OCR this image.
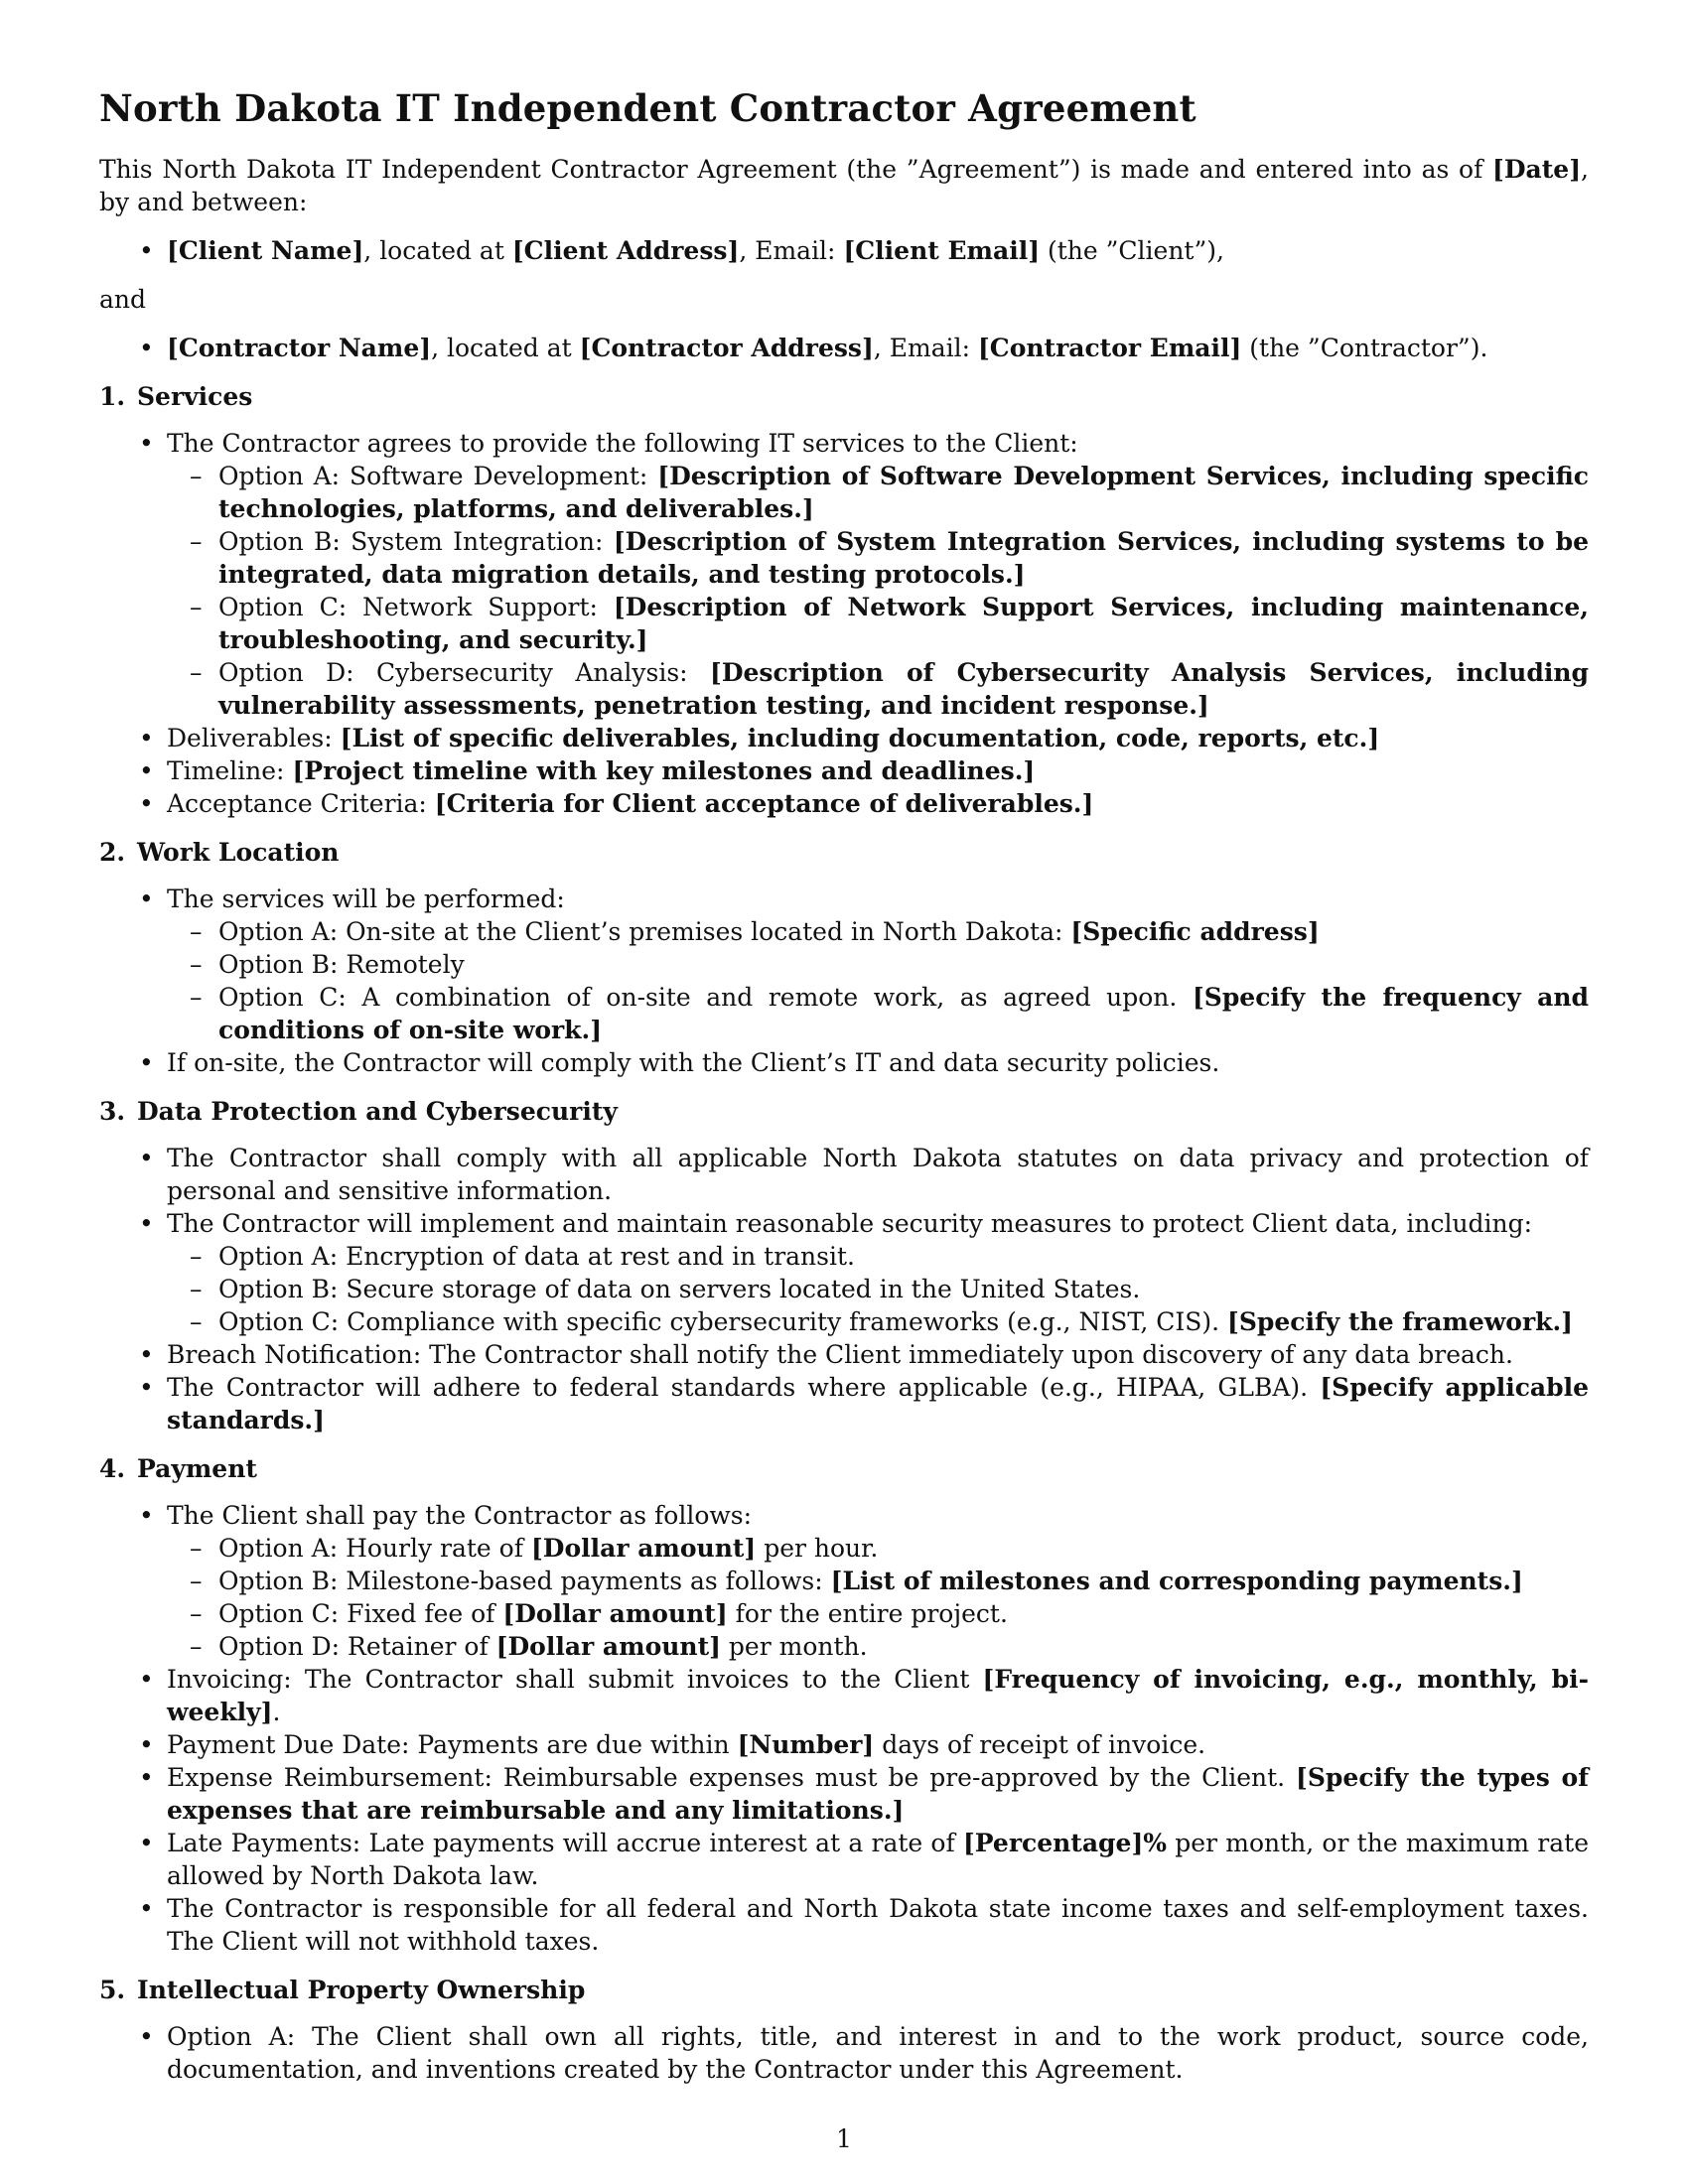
North Dakota IT Independent Contractor Agreement

This North Dakota IT Independent Contractor Agreement (the ”Agreement”) is made and entered into as of [Date], by and between:

• [Client Name], located at [Client Address], Email: [Client Email] (the ”Client”),

and

• [Contractor Name], located at [Contractor Address], Email: [Contractor Email] (the ”Contractor”).
1. Services
• The Contractor agrees to provide the following IT services to the Client:
– Option A: Software Development: [Description of Software Development Services, including specific technologies, platforms, and deliverables.]
– Option B: System Integration: [Description of System Integration Services, including systems to be integrated, data migration details, and testing protocols.]
– Option C: Network Support: [Description of Network Support Services, including maintenance, troubleshooting, and security.]
– Option D: Cybersecurity Analysis: [Description of Cybersecurity Analysis Services, including vulnerability assessments, penetration testing, and incident response.]
• Deliverables: [List of specific deliverables, including documentation, code, reports, etc.]
• Timeline: [Project timeline with key milestones and deadlines.]
• Acceptance Criteria: [Criteria for Client acceptance of deliverables.]
2. Work Location
• The services will be performed:
– Option A: On-site at the Client’s premises located in North Dakota: [Specific address]
– Option B: Remotely
– Option C: A combination of on-site and remote work, as agreed upon. [Specify the frequency and conditions of on-site work.]
• If on-site, the Contractor will comply with the Client’s IT and data security policies.
3. Data Protection and Cybersecurity
• The Contractor shall comply with all applicable North Dakota statutes on data privacy and protection of personal and sensitive information.
• The Contractor will implement and maintain reasonable security measures to protect Client data, including:
– Option A: Encryption of data at rest and in transit.
– Option B: Secure storage of data on servers located in the United States.
– Option C: Compliance with specific cybersecurity frameworks (e.g., NIST, CIS). [Specify the framework.]
• Breach Notification: The Contractor shall notify the Client immediately upon discovery of any data breach.
• The Contractor will adhere to federal standards where applicable (e.g., HIPAA, GLBA). [Specify applicable standards.]
4. Payment
• The Client shall pay the Contractor as follows:
– Option A: Hourly rate of [Dollar amount] per hour.
– Option B: Milestone-based payments as follows: [List of milestones and corresponding payments.]
– Option C: Fixed fee of [Dollar amount] for the entire project.
– Option D: Retainer of [Dollar amount] per month.
• Invoicing: The Contractor shall submit invoices to the Client [Frequency of invoicing, e.g., monthly, bi-weekly].
• Payment Due Date: Payments are due within [Number] days of receipt of invoice.
• Expense Reimbursement: Reimbursable expenses must be pre-approved by the Client. [Specify the types of expenses that are reimbursable and any limitations.]
• Late Payments: Late payments will accrue interest at a rate of [Percentage]% per month, or the maximum rate allowed by North Dakota law.
• The Contractor is responsible for all federal and North Dakota state income taxes and self-employment taxes. The Client will not withhold taxes.
5. Intellectual Property Ownership
• Option A: The Client shall own all rights, title, and interest in and to the work product, source code, documentation, and inventions created by the Contractor under this Agreement.
1
